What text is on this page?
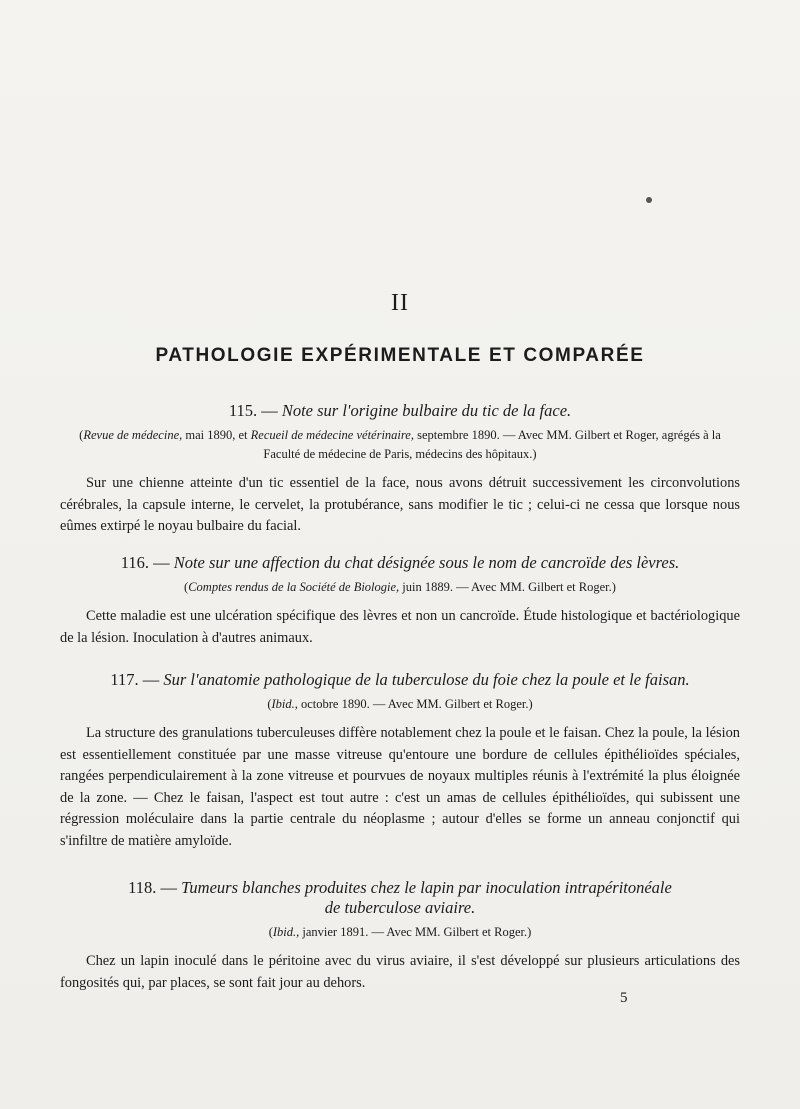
II
PATHOLOGIE EXPÉRIMENTALE ET COMPARÉE
115. — Note sur l'origine bulbaire du tic de la face.
(Revue de médecine, mai 1890, et Recueil de médecine vétérinaire, septembre 1890. — Avec MM. Gilbert et Roger, agrégés à la Faculté de médecine de Paris, médecins des hôpitaux.)
Sur une chienne atteinte d'un tic essentiel de la face, nous avons détruit successivement les circonvolutions cérébrales, la capsule interne, le cervelet, la protubérance, sans modifier le tic ; celui-ci ne cessa que lorsque nous eûmes extirpé le noyau bulbaire du facial.
116. — Note sur une affection du chat désignée sous le nom de cancroïde des lèvres.
(Comptes rendus de la Société de Biologie, juin 1889. — Avec MM. Gilbert et Roger.)
Cette maladie est une ulcération spécifique des lèvres et non un cancroïde. Étude histologique et bactériologique de la lésion. Inoculation à d'autres animaux.
117. — Sur l'anatomie pathologique de la tuberculose du foie chez la poule et le faisan.
(Ibid., octobre 1890. — Avec MM. Gilbert et Roger.)
La structure des granulations tuberculeuses diffère notablement chez la poule et le faisan. Chez la poule, la lésion est essentiellement constituée par une masse vitreuse qu'entoure une bordure de cellules épithélioïdes spéciales, rangées perpendiculairement à la zone vitreuse et pourvues de noyaux multiples réunis à l'extrémité la plus éloignée de la zone. — Chez le faisan, l'aspect est tout autre : c'est un amas de cellules épithélioïdes, qui subissent une régression moléculaire dans la partie centrale du néoplasme ; autour d'elles se forme un anneau conjonctif qui s'infiltre de matière amyloïde.
118. — Tumeurs blanches produites chez le lapin par inoculation intrapéritonéale
de tuberculose aviaire.
(Ibid., janvier 1891. — Avec MM. Gilbert et Roger.)
Chez un lapin inoculé dans le péritoine avec du virus aviaire, il s'est développé sur plusieurs articulations des fongosités qui, par places, se sont fait jour au dehors.
5
